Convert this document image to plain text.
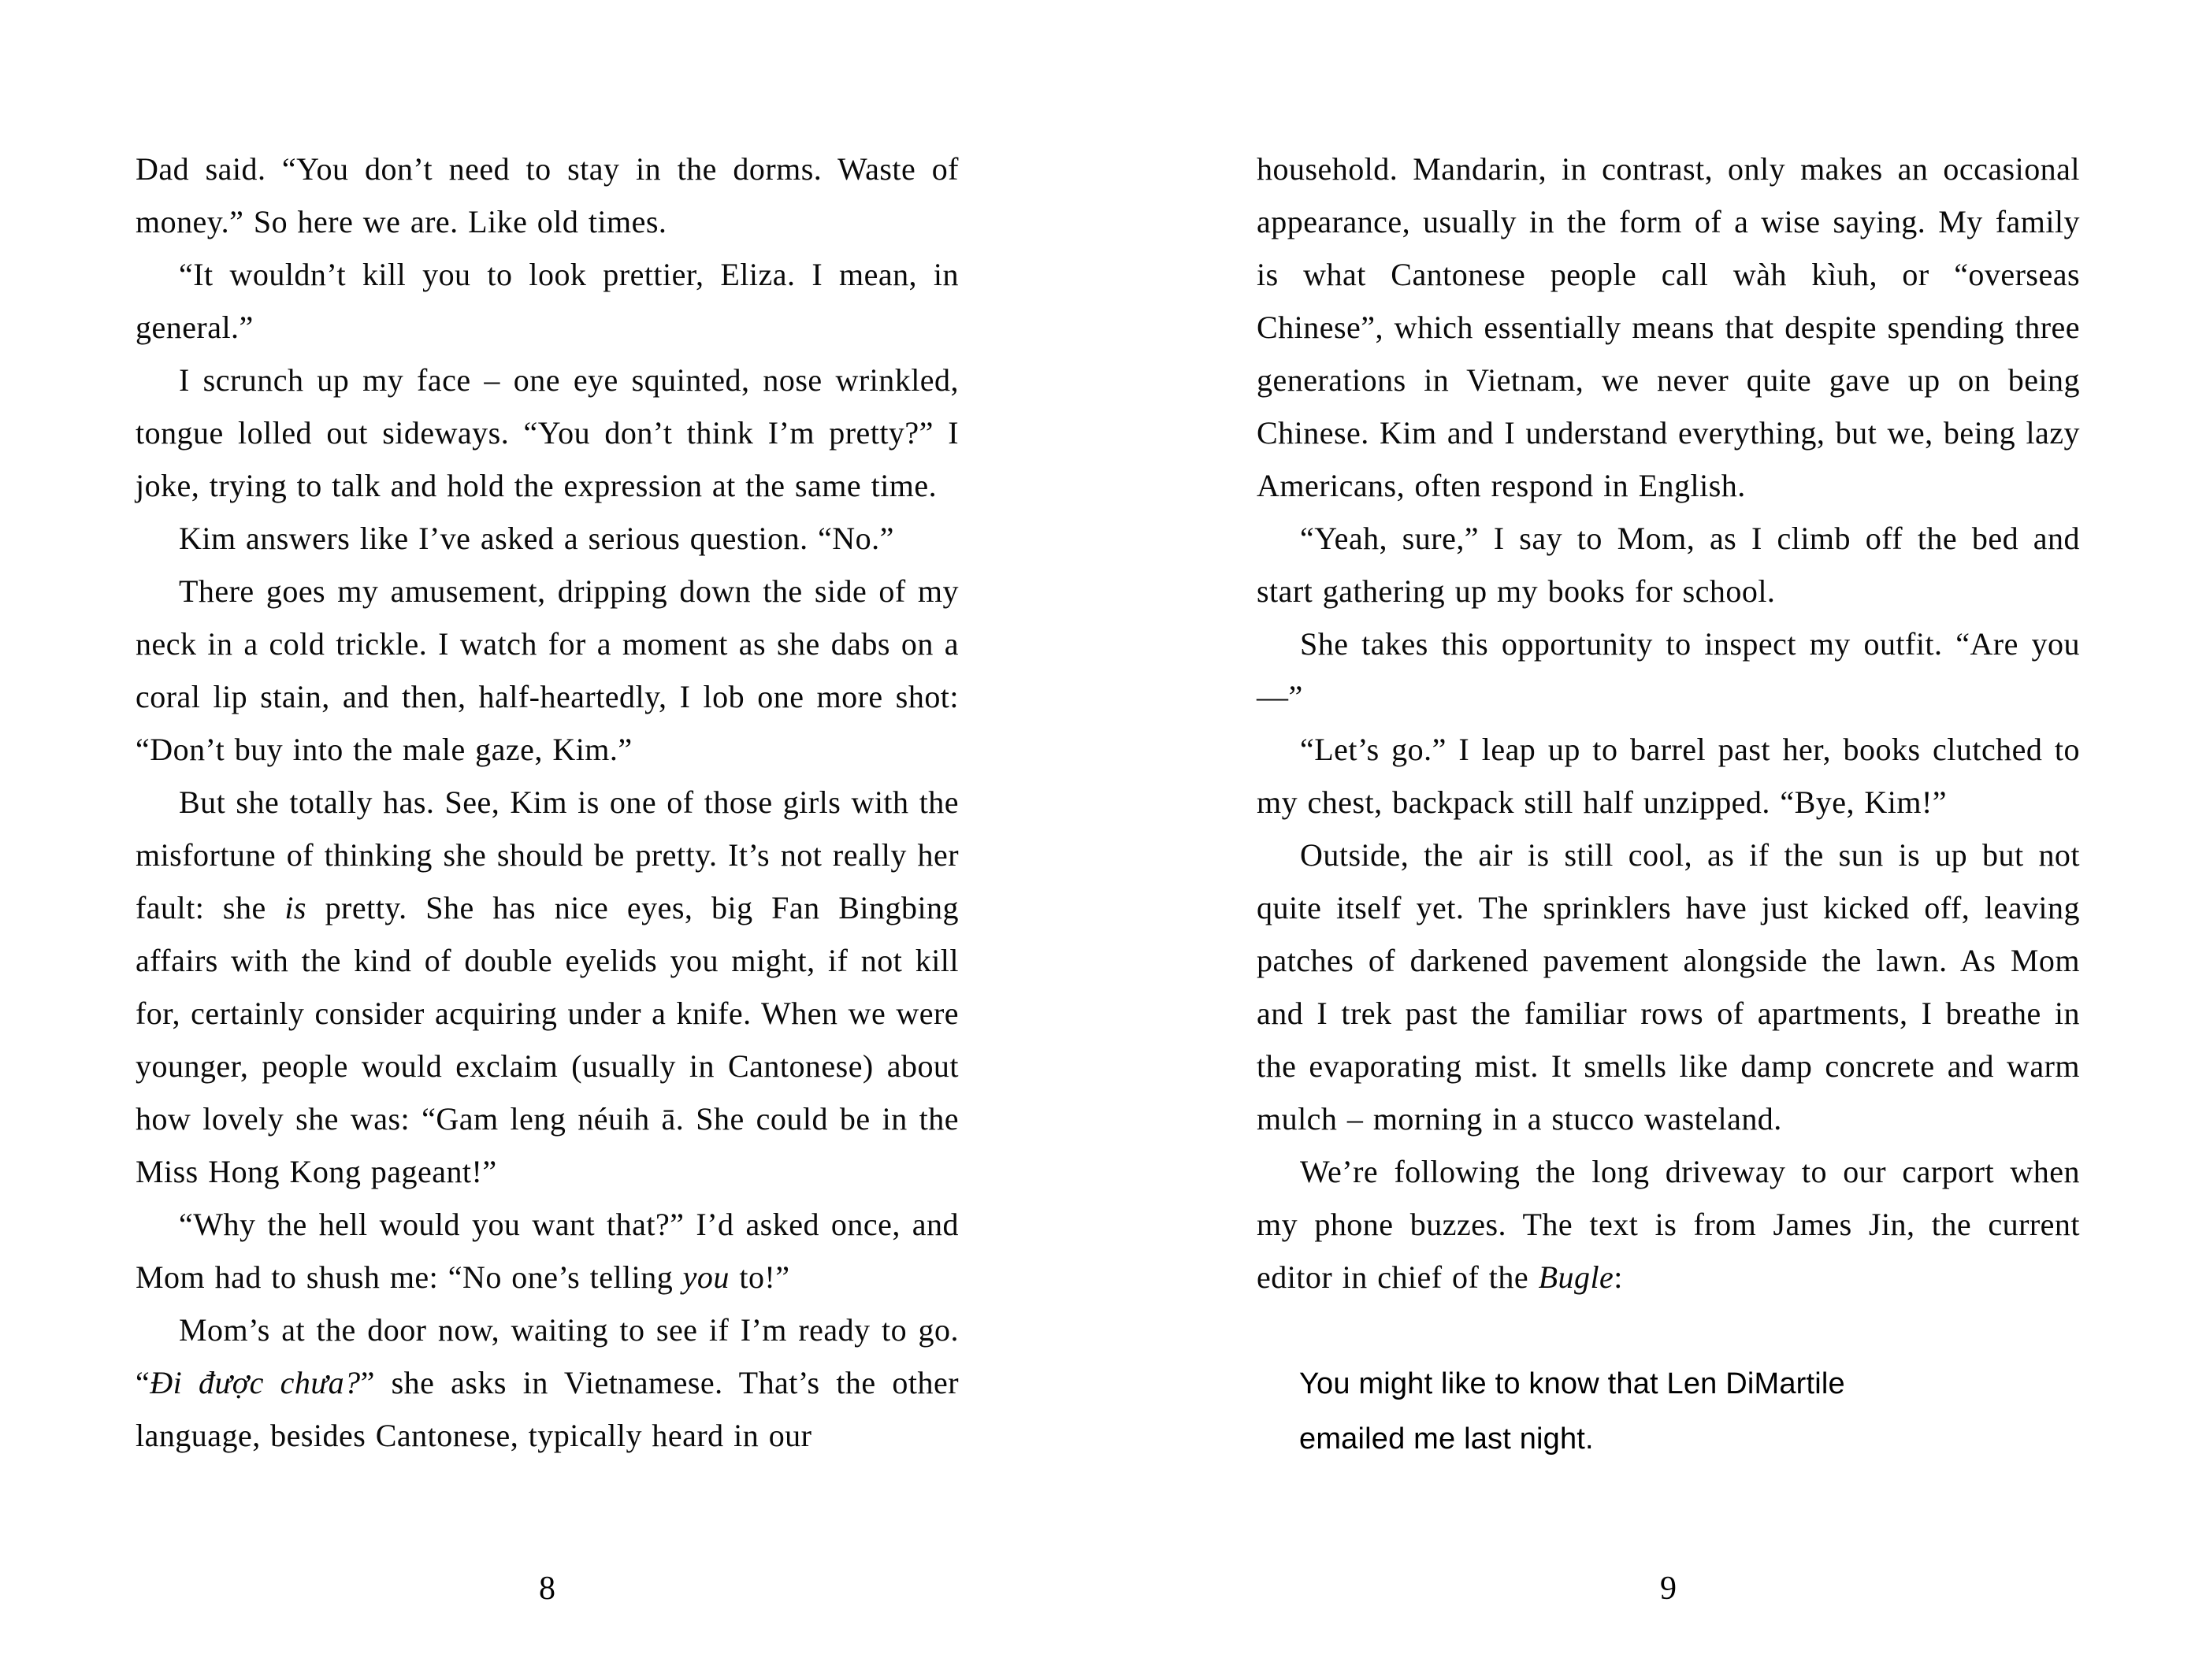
Dad said. “You don’t need to stay in the dorms. Waste of money.” So here we are. Like old times.

“It wouldn’t kill you to look prettier, Eliza. I mean, in general.”

I scrunch up my face – one eye squinted, nose wrinkled, tongue lolled out sideways. “You don’t think I’m pretty?” I joke, trying to talk and hold the expression at the same time.

Kim answers like I’ve asked a serious question. “No.”

There goes my amusement, dripping down the side of my neck in a cold trickle. I watch for a moment as she dabs on a coral lip stain, and then, half-heartedly, I lob one more shot: “Don’t buy into the male gaze, Kim.”

But she totally has. See, Kim is one of those girls with the misfortune of thinking she should be pretty. It’s not really her fault: she is pretty. She has nice eyes, big Fan Bingbing affairs with the kind of double eyelids you might, if not kill for, certainly consider acquiring under a knife. When we were younger, people would exclaim (usually in Cantonese) about how lovely she was: “Gam leng néuih ā. She could be in the Miss Hong Kong pageant!”

“Why the hell would you want that?” I’d asked once, and Mom had to shush me: “No one’s telling you to!”

Mom’s at the door now, waiting to see if I’m ready to go. “Đi được chưa?” she asks in Vietnamese. That’s the other language, besides Cantonese, typically heard in our

8

household. Mandarin, in contrast, only makes an occasional appearance, usually in the form of a wise saying. My family is what Cantonese people call wàh kìuh, or “overseas Chinese”, which essentially means that despite spending three generations in Vietnam, we never quite gave up on being Chinese. Kim and I understand everything, but we, being lazy Americans, often respond in English.

“Yeah, sure,” I say to Mom, as I climb off the bed and start gathering up my books for school.

She takes this opportunity to inspect my outfit. “Are you—”

“Let’s go.” I leap up to barrel past her, books clutched to my chest, backpack still half unzipped. “Bye, Kim!”

Outside, the air is still cool, as if the sun is up but not quite itself yet. The sprinklers have just kicked off, leaving patches of darkened pavement alongside the lawn. As Mom and I trek past the familiar rows of apartments, I breathe in the evaporating mist. It smells like damp concrete and warm mulch – morning in a stucco wasteland.

We’re following the long driveway to our carport when my phone buzzes. The text is from James Jin, the current editor in chief of the Bugle:

You might like to know that Len DiMartile
emailed me last night.
9
